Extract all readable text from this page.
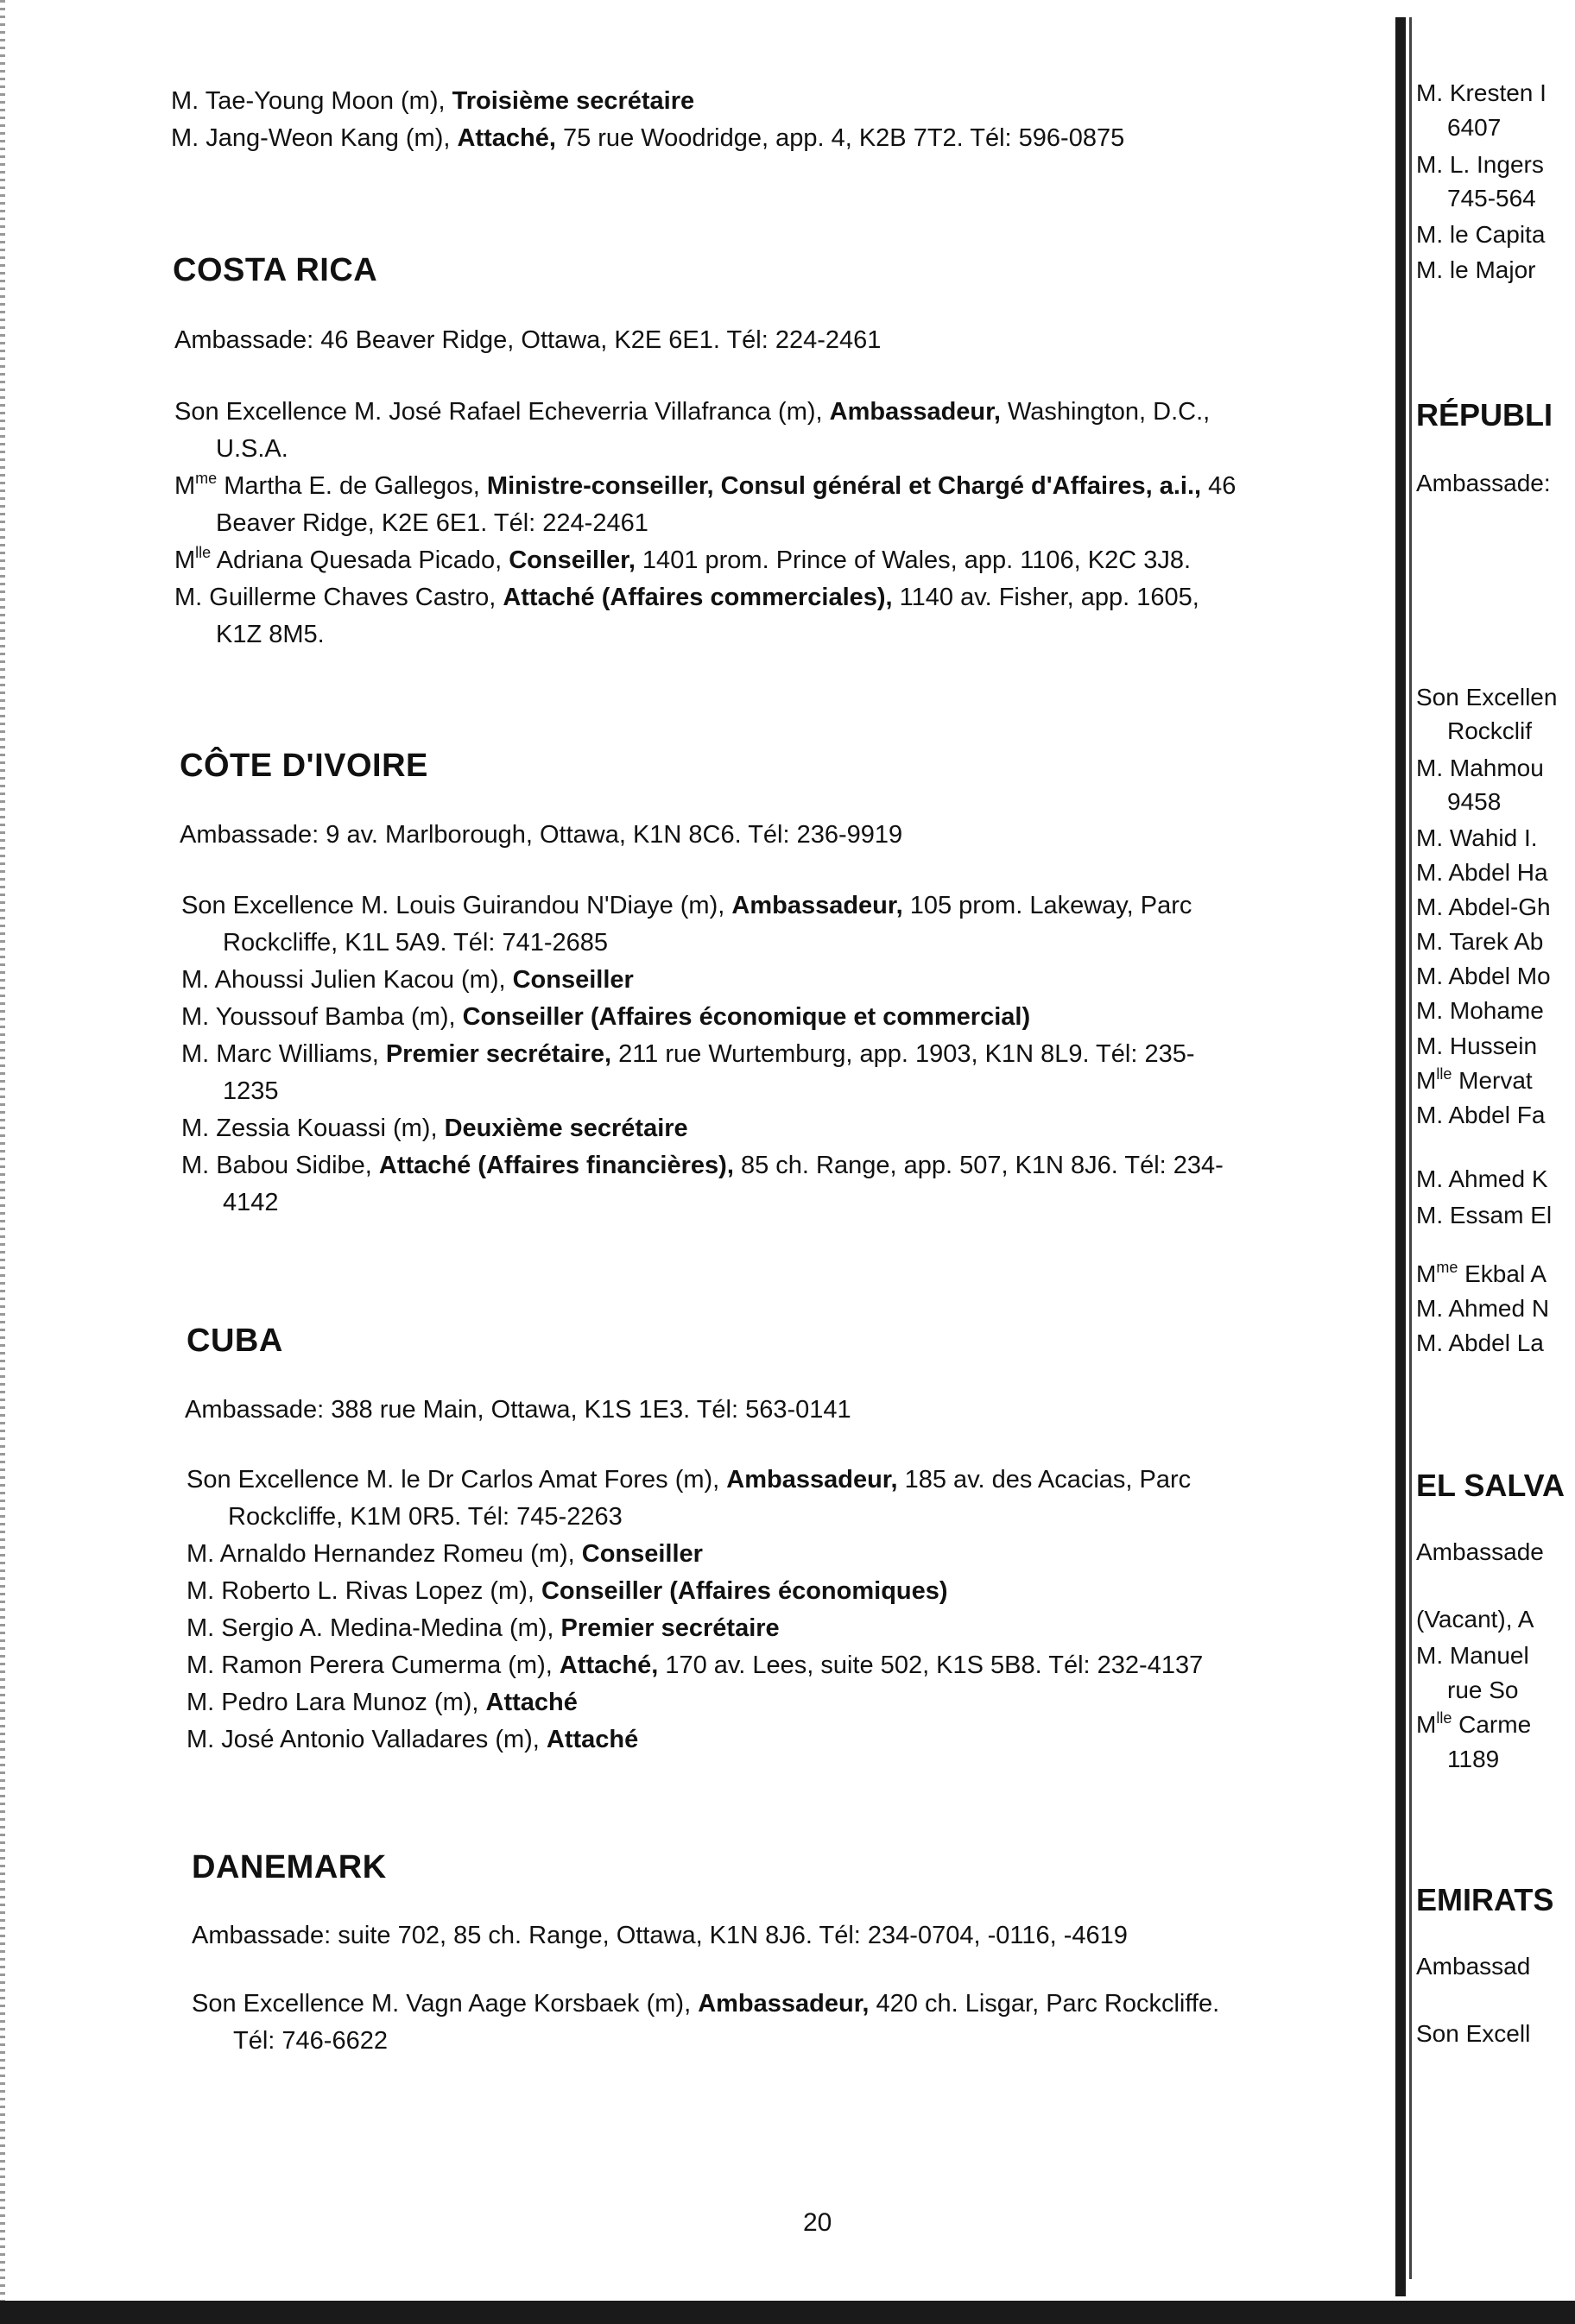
M. Tae-Young Moon (m), Troisième secrétaire
M. Jang-Weon Kang (m), Attaché, 75 rue Woodridge, app. 4, K2B 7T2. Tél: 596-0875
COSTA RICA
Ambassade: 46 Beaver Ridge, Ottawa, K2E 6E1. Tél: 224-2461
Son Excellence M. José Rafael Echeverria Villafranca (m), Ambassadeur, Washington, D.C.,
U.S.A.
$M^{me}$ Martha E. de Gallegos, Ministre-conseiller, Consul général et Chargé d'Affaires, a.i., 46
Beaver Ridge, K2E 6E1. Tél: 224-2461
$M^{lle}$ Adriana Quesada Picado, Conseiller, 1401 prom. Prince of Wales, app. 1106, K2C 3J8.
M. Guillerme Chaves Castro, Attaché (Affaires commerciales), 1140 av. Fisher, app. 1605,
K1Z 8M5.
CÔTE D'IVOIRE
Ambassade: 9 av. Marlborough, Ottawa, K1N 8C6. Tél: 236-9919
Son Excellence M. Louis Guirandou N'Diaye (m), Ambassadeur, 105 prom. Lakeway, Parc
Rockcliffe, K1L 5A9. Tél: 741-2685
M. Ahoussi Julien Kacou (m), Conseiller
M. Youssouf Bamba (m), Conseiller (Affaires économique et commercial)
M. Marc Williams, Premier secrétaire, 211 rue Wurtemburg, app. 1903, K1N 8L9. Tél: 235-
1235
M. Zessia Kouassi (m), Deuxième secrétaire
M. Babou Sidibe, Attaché (Affaires financières), 85 ch. Range, app. 507, K1N 8J6. Tél: 234-
4142
CUBA
Ambassade: 388 rue Main, Ottawa, K1S 1E3. Tél: 563-0141
Son Excellence M. le Dr Carlos Amat Fores (m), Ambassadeur, 185 av. des Acacias, Parc
Rockcliffe, K1M 0R5. Tél: 745-2263
M. Arnaldo Hernandez Romeu (m), Conseiller
M. Roberto L. Rivas Lopez (m), Conseiller (Affaires économiques)
M. Sergio A. Medina-Medina (m), Premier secrétaire
M. Ramon Perera Cumerma (m), Attaché, 170 av. Lees, suite 502, K1S 5B8. Tél: 232-4137
M. Pedro Lara Munoz (m), Attaché
M. José Antonio Valladares (m), Attaché
DANEMARK
Ambassade: suite 702, 85 ch. Range, Ottawa, K1N 8J6. Tél: 234-0704, -0116, -4619
Son Excellence M. Vagn Aage Korsbaek (m), Ambassadeur, 420 ch. Lisgar, Parc Rockcliffe.
Tél: 746-6622
20
M. Kresten I
6407
M. L. Ingers
745-564
M. le Capita
M. le Major
RÉPUBLI
Ambassade:
Son Excellen
Rockclif
M. Mahmou
9458
M. Wahid I.
M. Abdel Ha
M. Abdel-Gh
M. Tarek Ab
M. Abdel Mo
M. Mohame
M. Hussein
$M^{lle}$ Mervat
M. Abdel Fa
M. Ahmed K
M. Essam El
$M^{me}$ Ekbal A
M. Ahmed N
M. Abdel La
EL SALVA
Ambassade
(Vacant), A
M. Manuel
rue So
$M^{lle}$ Carme
1189
EMIRATS
Ambassad
Son Excell
